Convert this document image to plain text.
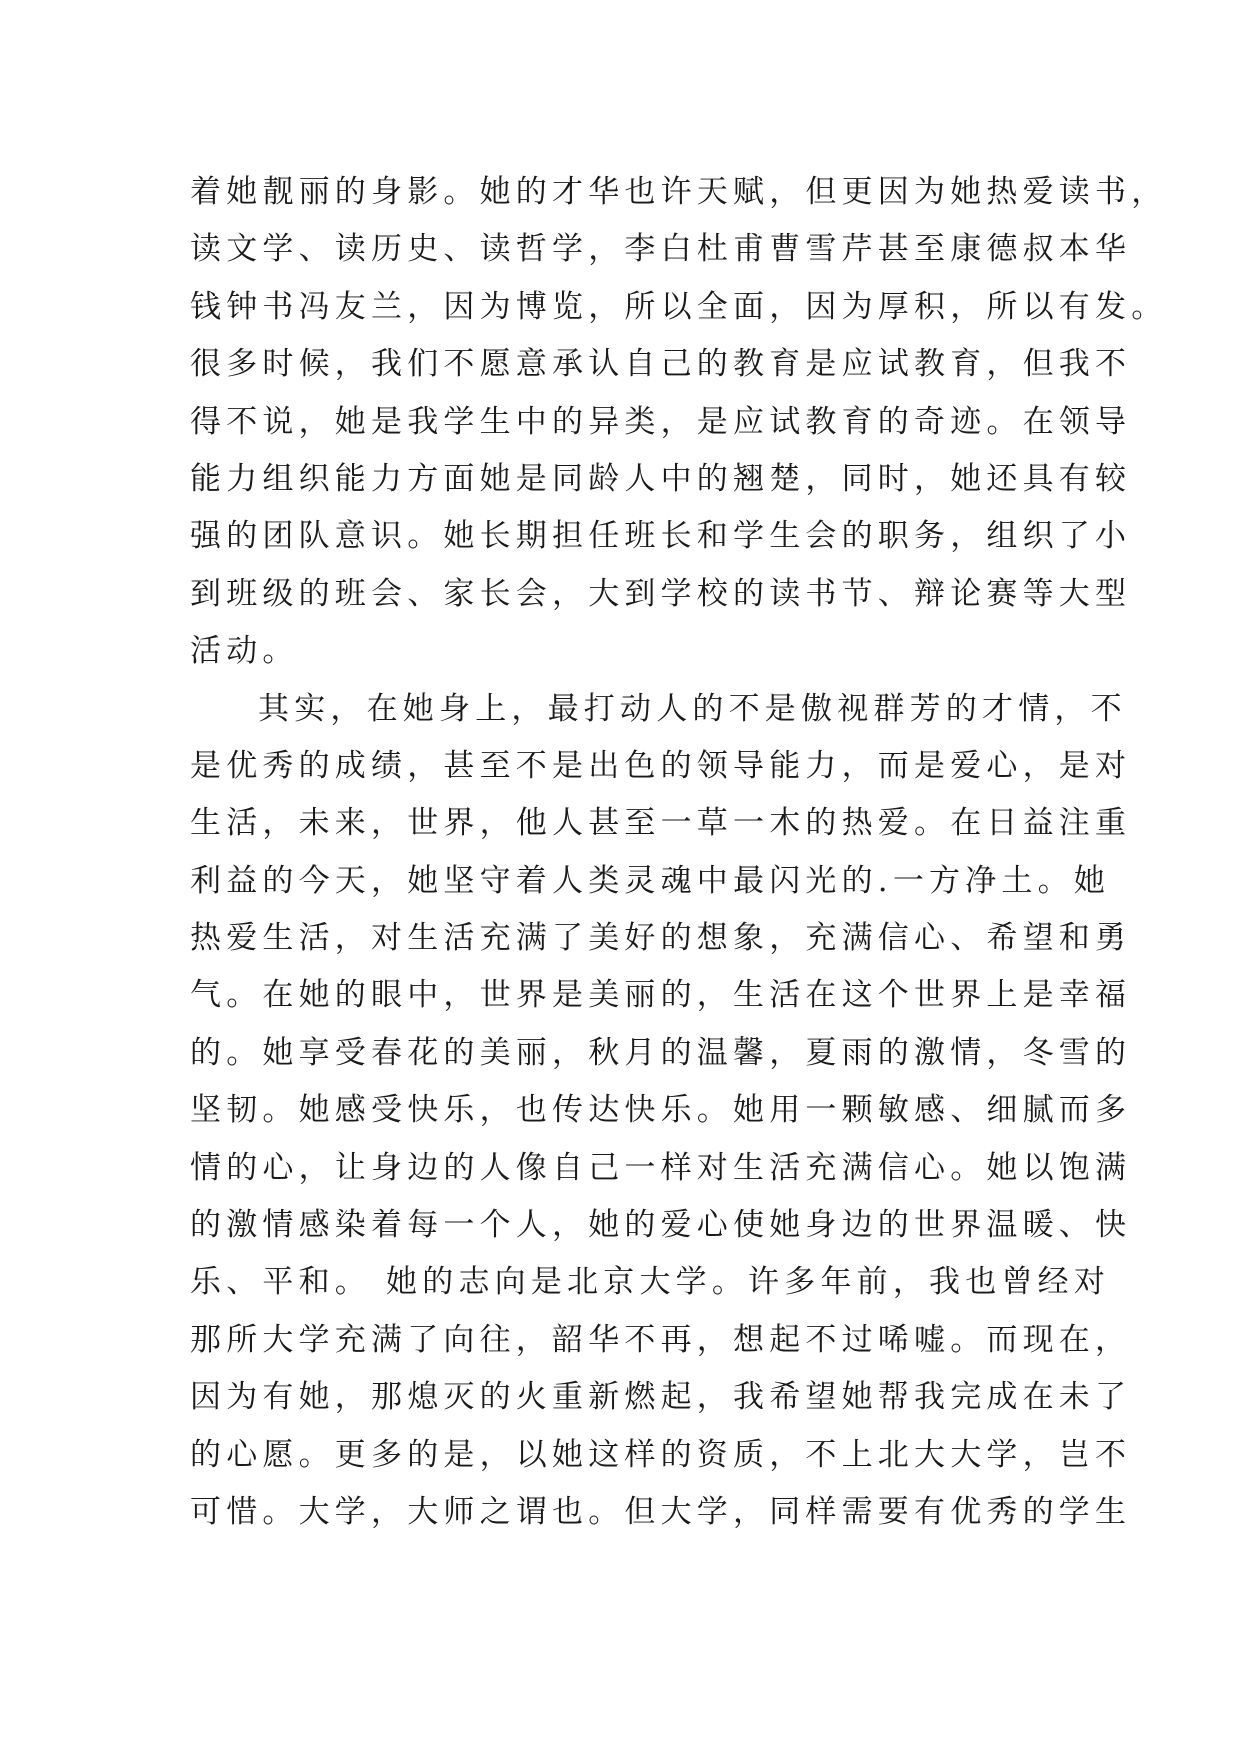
着她靓丽的身影。她的才华也许天赋，但更因为她热爱读书，
读文学、读历史、读哲学，李白杜甫曹雪芹甚至康德叔本华
钱钟书冯友兰，因为博览，所以全面，因为厚积，所以有发。
很多时候，我们不愿意承认自己的教育是应试教育，但我不
得不说，她是我学生中的异类，是应试教育的奇迹。在领导
能力组织能力方面她是同龄人中的翘楚，同时，她还具有较
强的团队意识。她长期担任班长和学生会的职务，组织了小
到班级的班会、家长会，大到学校的读书节、辩论赛等大型
活动。
其实，在她身上，最打动人的不是傲视群芳的才情，不
是优秀的成绩，甚至不是出色的领导能力，而是爱心，是对
生活，未来，世界，他人甚至一草一木的热爱。在日益注重
利益的今天，她坚守着人类灵魂中最闪光的.一方净土。她
热爱生活，对生活充满了美好的想象，充满信心、希望和勇
气。在她的眼中，世界是美丽的，生活在这个世界上是幸福
的。她享受春花的美丽，秋月的温馨，夏雨的激情，冬雪的
坚韧。她感受快乐，也传达快乐。她用一颗敏感、细腻而多
情的心，让身边的人像自己一样对生活充满信心。她以饱满
的激情感染着每一个人，她的爱心使她身边的世界温暖、快
乐、平和。 她的志向是北京大学。许多年前，我也曾经对
那所大学充满了向往，韶华不再，想起不过唏嘘。而现在，
因为有她，那熄灭的火重新燃起，我希望她帮我完成在未了
的心愿。更多的是，以她这样的资质，不上北大大学，岂不
可惜。大学，大师之谓也。但大学，同样需要有优秀的学生
